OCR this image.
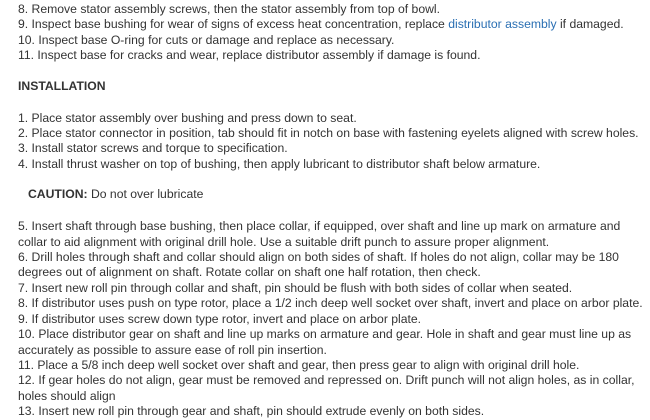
8. Remove stator assembly screws, then the stator assembly from top of bowl.

9. Inspect base bushing for wear of signs of excess heat concentration, replace distributor assembly if damaged.

10. Inspect base O-ring for cuts or damage and replace as necessary.

11. Inspect base for cracks and wear, replace distributor assembly if damage is found.

INSTALLATION

1. Place stator assembly over bushing and press down to seat.

2. Place stator connector in position, tab should fit in notch on base with fastening eyelets aligned with screw holes.

3. Install stator screws and torque to specification.

4. Install thrust washer on top of bushing, then apply lubricant to distributor shaft below armature.

CAUTION: Do not over lubricate

5. Insert shaft through base bushing, then place collar, if equipped, over shaft and line up mark on armature and collar to aid alignment with original drill hole. Use a suitable drift punch to assure proper alignment.

6. Drill holes through shaft and collar should align on both sides of shaft. If holes do not align, collar may be 180 degrees out of alignment on shaft. Rotate collar on shaft one half rotation, then check.

7. Insert new roll pin through collar and shaft, pin should be flush with both sides of collar when seated.

8. If distributor uses push on type rotor, place a 1/2 inch deep well socket over shaft, invert and place on arbor plate.

9. If distributor uses screw down type rotor, invert and place on arbor plate.

10. Place distributor gear on shaft and line up marks on armature and gear. Hole in shaft and gear must line up as accurately as possible to assure ease of roll pin insertion.

11. Place a 5/8 inch deep well socket over shaft and gear, then press gear to align with original drill hole.

12. If gear holes do not align, gear must be removed and repressed on. Drift punch will not align holes, as in collar, holes should align

13. Insert new roll pin through gear and shaft, pin should extrude evenly on both sides.
